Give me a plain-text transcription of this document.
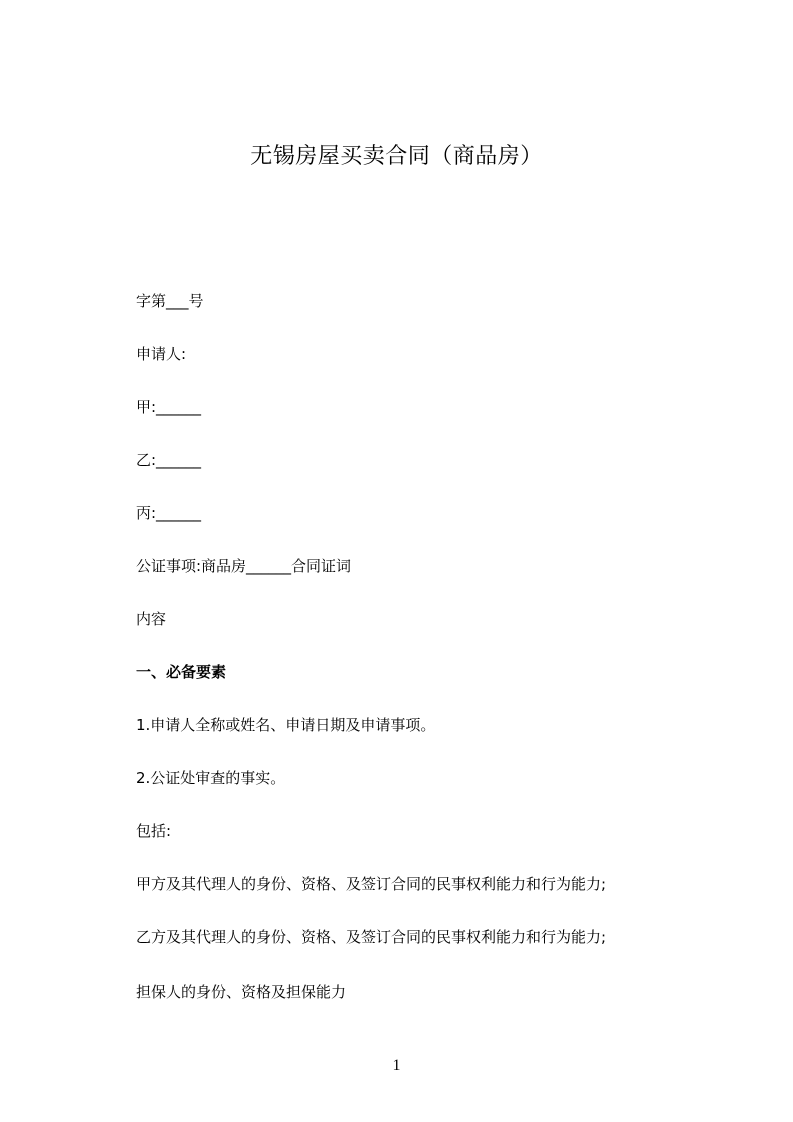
无锡房屋买卖合同（商品房）
字第___号
申请人:
甲:______
乙:______
丙:______
公证事项:商品房______合同证词
内容
一、必备要素
1.申请人全称或姓名、申请日期及申请事项。
2.公证处审查的事实。
包括:
甲方及其代理人的身份、资格、及签订合同的民事权利能力和行为能力;
乙方及其代理人的身份、资格、及签订合同的民事权利能力和行为能力;
担保人的身份、资格及担保能力
1
